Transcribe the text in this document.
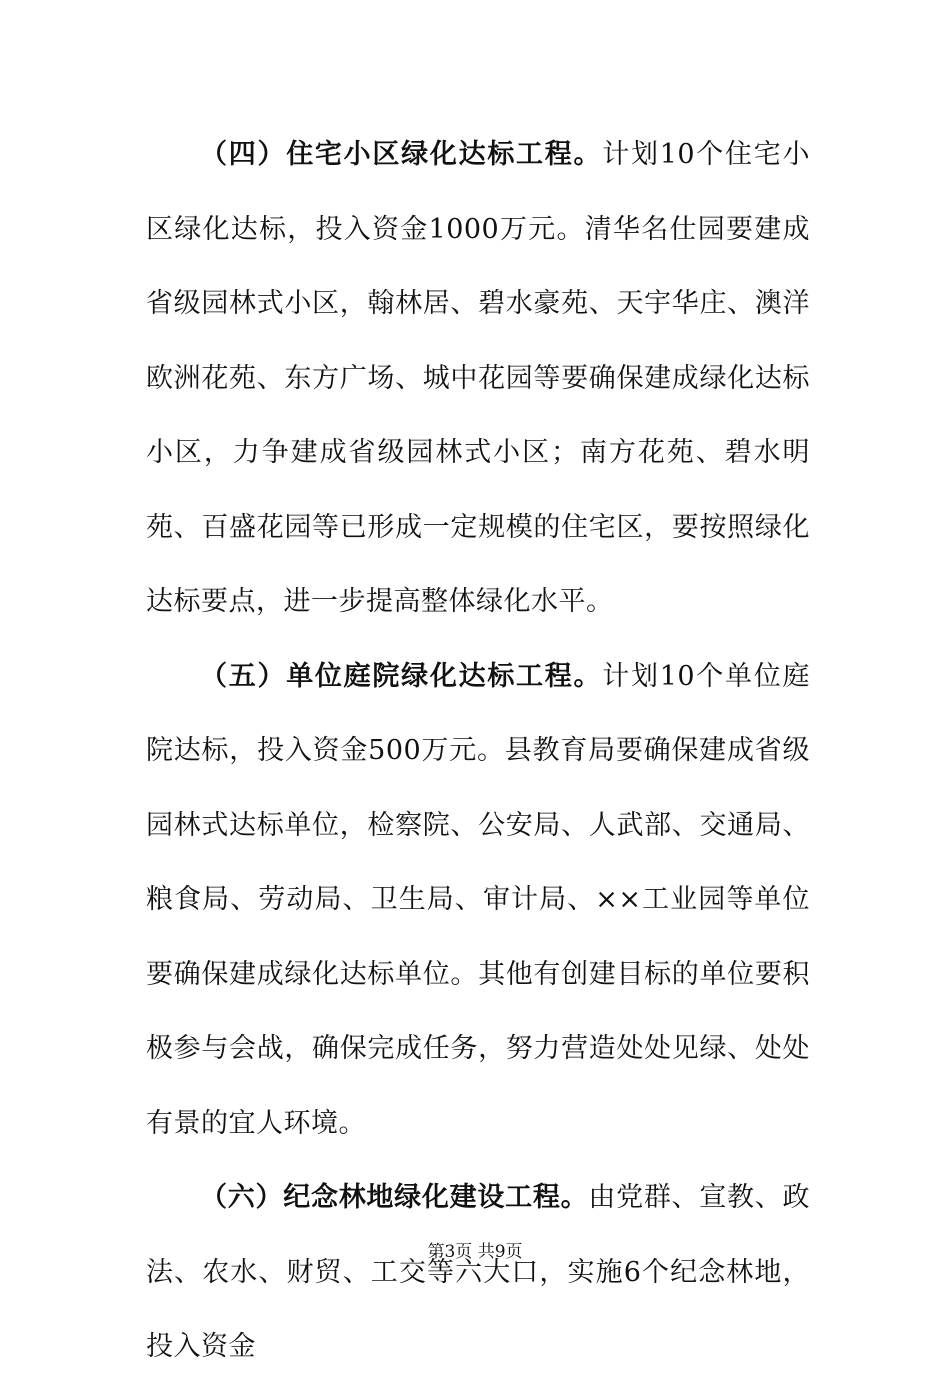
（四）住宅小区绿化达标工程。计划10个住宅小区绿化达标，投入资金1000万元。清华名仕园要建成省级园林式小区，翰林居、碧水豪苑、天宇华庄、澳洋欧洲花苑、东方广场、城中花园等要确保建成绿化达标小区，力争建成省级园林式小区；南方花苑、碧水明苑、百盛花园等已形成一定规模的住宅区，要按照绿化达标要点，进一步提高整体绿化水平。

（五）单位庭院绿化达标工程。计划10个单位庭院达标，投入资金500万元。县教育局要确保建成省级园林式达标单位，检察院、公安局、人武部、交通局、粮食局、劳动局、卫生局、审计局、××工业园等单位要确保建成绿化达标单位。其他有创建目标的单位要积极参与会战，确保完成任务，努力营造处处见绿、处处有景的宜人环境。

（六）纪念林地绿化建设工程。由党群、宣教、政法、农水、财贸、工交等六大口，实施6个纪念林地，投入资金

第3页 共9页
